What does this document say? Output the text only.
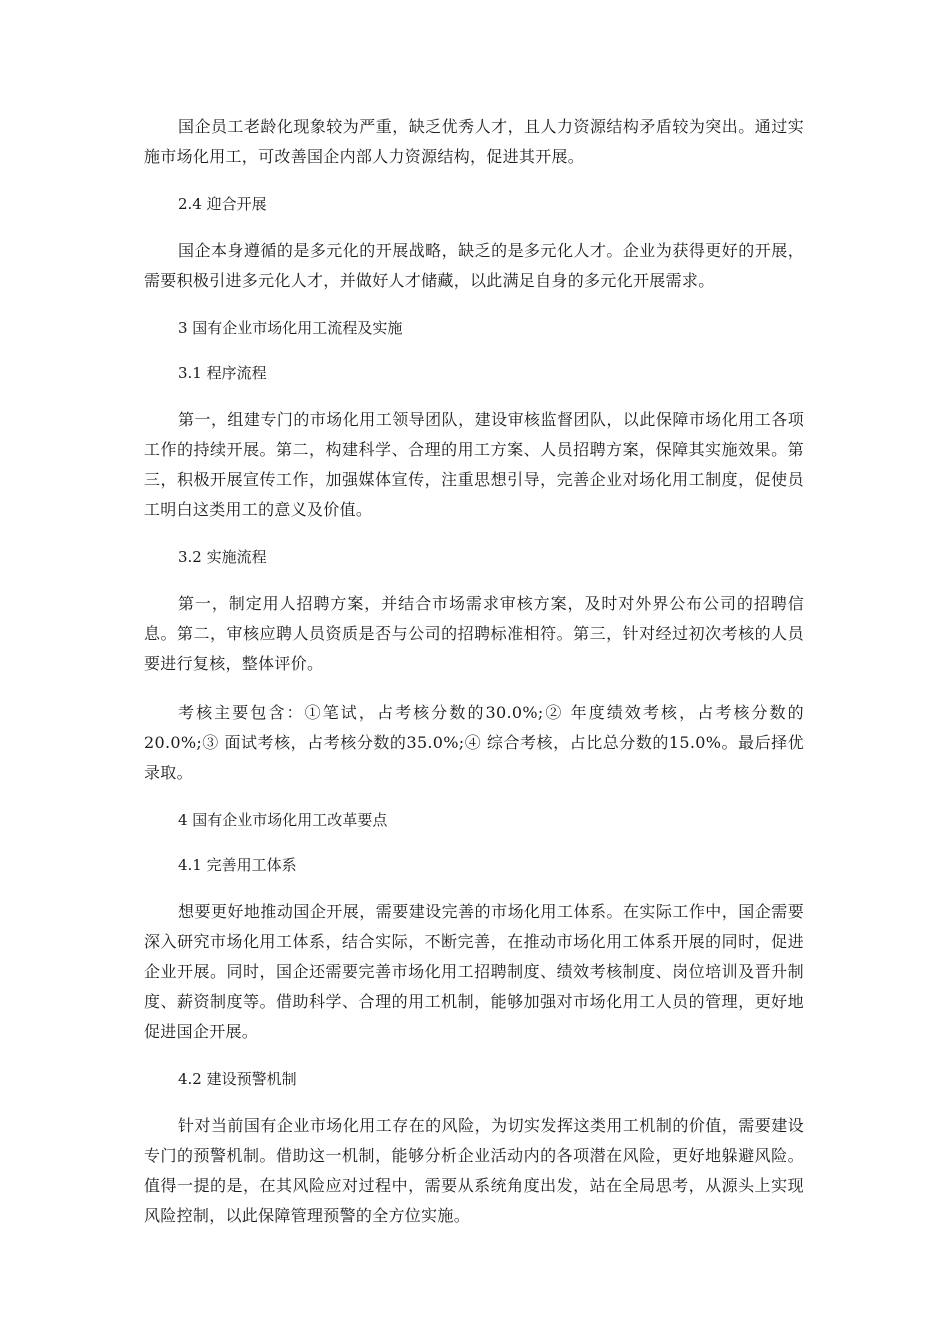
国企员工老龄化现象较为严重，缺乏优秀人才，且人力资源结构矛盾较为突出。通过实施市场化用工，可改善国企内部人力资源结构，促进其开展。

2.4 迎合开展

国企本身遵循的是多元化的开展战略，缺乏的是多元化人才。企业为获得更好的开展，需要积极引进多元化人才，并做好人才储藏，以此满足自身的多元化开展需求。

3 国有企业市场化用工流程及实施
3.1 程序流程

第一，组建专门的市场化用工领导团队，建设审核监督团队，以此保障市场化用工各项工作的持续开展。第二，构建科学、合理的用工方案、人员招聘方案，保障其实施效果。第三，积极开展宣传工作，加强媒体宣传，注重思想引导，完善企业对场化用工制度，促使员工明白这类用工的意义及价值。

3.2 实施流程

第一，制定用人招聘方案，并结合市场需求审核方案，及时对外界公布公司的招聘信息。第二，审核应聘人员资质是否与公司的招聘标准相符。第三，针对经过初次考核的人员要进行复核，整体评价。

考核主要包含：①笔试，占考核分数的30.0%;② 年度绩效考核，占考核分数的20.0%;③ 面试考核，占考核分数的35.0%;④ 综合考核，占比总分数的15.0%。最后择优录取。

4 国有企业市场化用工改革要点
4.1 完善用工体系

想要更好地推动国企开展，需要建设完善的市场化用工体系。在实际工作中，国企需要深入研究市场化用工体系，结合实际，不断完善，在推动市场化用工体系开展的同时，促进企业开展。同时，国企还需要完善市场化用工招聘制度、绩效考核制度、岗位培训及晋升制度、薪资制度等。借助科学、合理的用工机制，能够加强对市场化用工人员的管理，更好地促进国企开展。

4.2 建设预警机制

针对当前国有企业市场化用工存在的风险，为切实发挥这类用工机制的价值，需要建设专门的预警机制。借助这一机制，能够分析企业活动内的各项潜在风险，更好地躲避风险。值得一提的是，在其风险应对过程中，需要从系统角度出发，站在全局思考，从源头上实现风险控制，以此保障管理预警的全方位实施。
